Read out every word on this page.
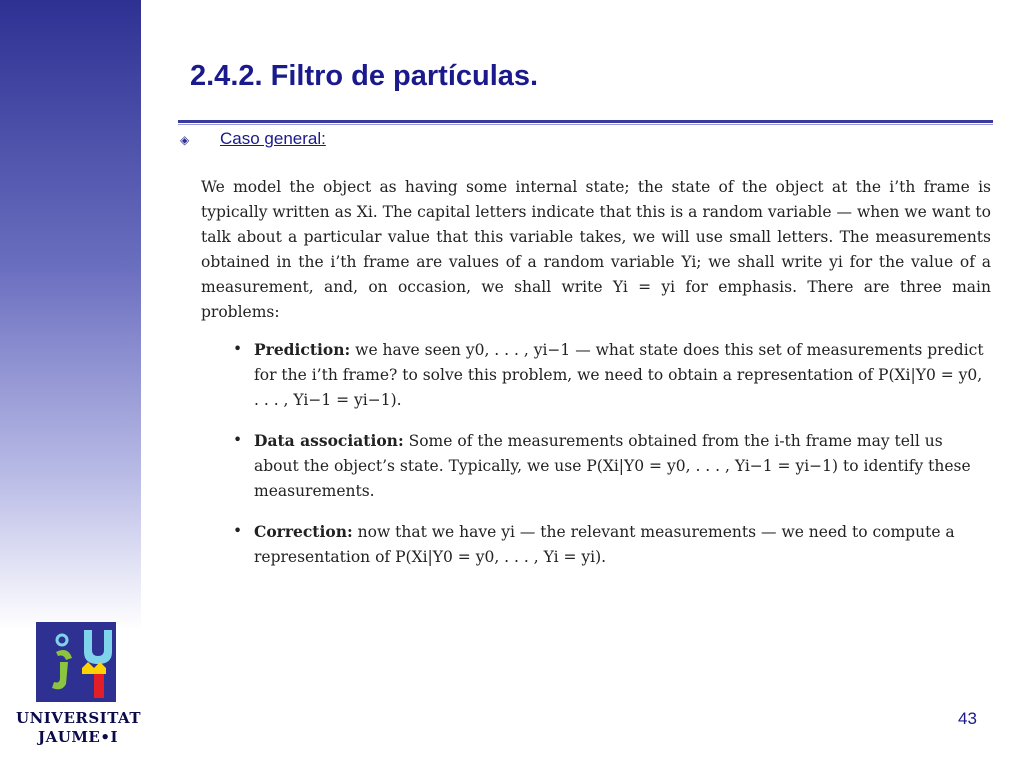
2.4.2. Filtro de partículas.
◈ Caso general:

We model the object as having some internal state; the state of the object at the i’th frame is typically written as Xi. The capital letters indicate that this is a random variable — when we want to talk about a particular value that this variable takes, we will use small letters. The measurements obtained in the i’th frame are values of a random variable Yi; we shall write yi for the value of a measurement, and, on occasion, we shall write Yi = yi for emphasis. There are three main problems:

• Prediction: we have seen y0, . . . , yi−1 — what state does this set of measurements predict for the i’th frame? to solve this problem, we need to obtain a representation of P(Xi|Y0 = y0, . . . , Yi−1 = yi−1).
• Data association: Some of the measurements obtained from the i-th frame may tell us about the object’s state. Typically, we use P(Xi|Y0 = y0, . . . , Yi−1 = yi−1) to identify these measurements.
• Correction: now that we have yi — the relevant measurements — we need to compute a representation of P(Xi|Y0 = y0, . . . , Yi = yi).
UNIVERSITAT
JAUME•I
43
